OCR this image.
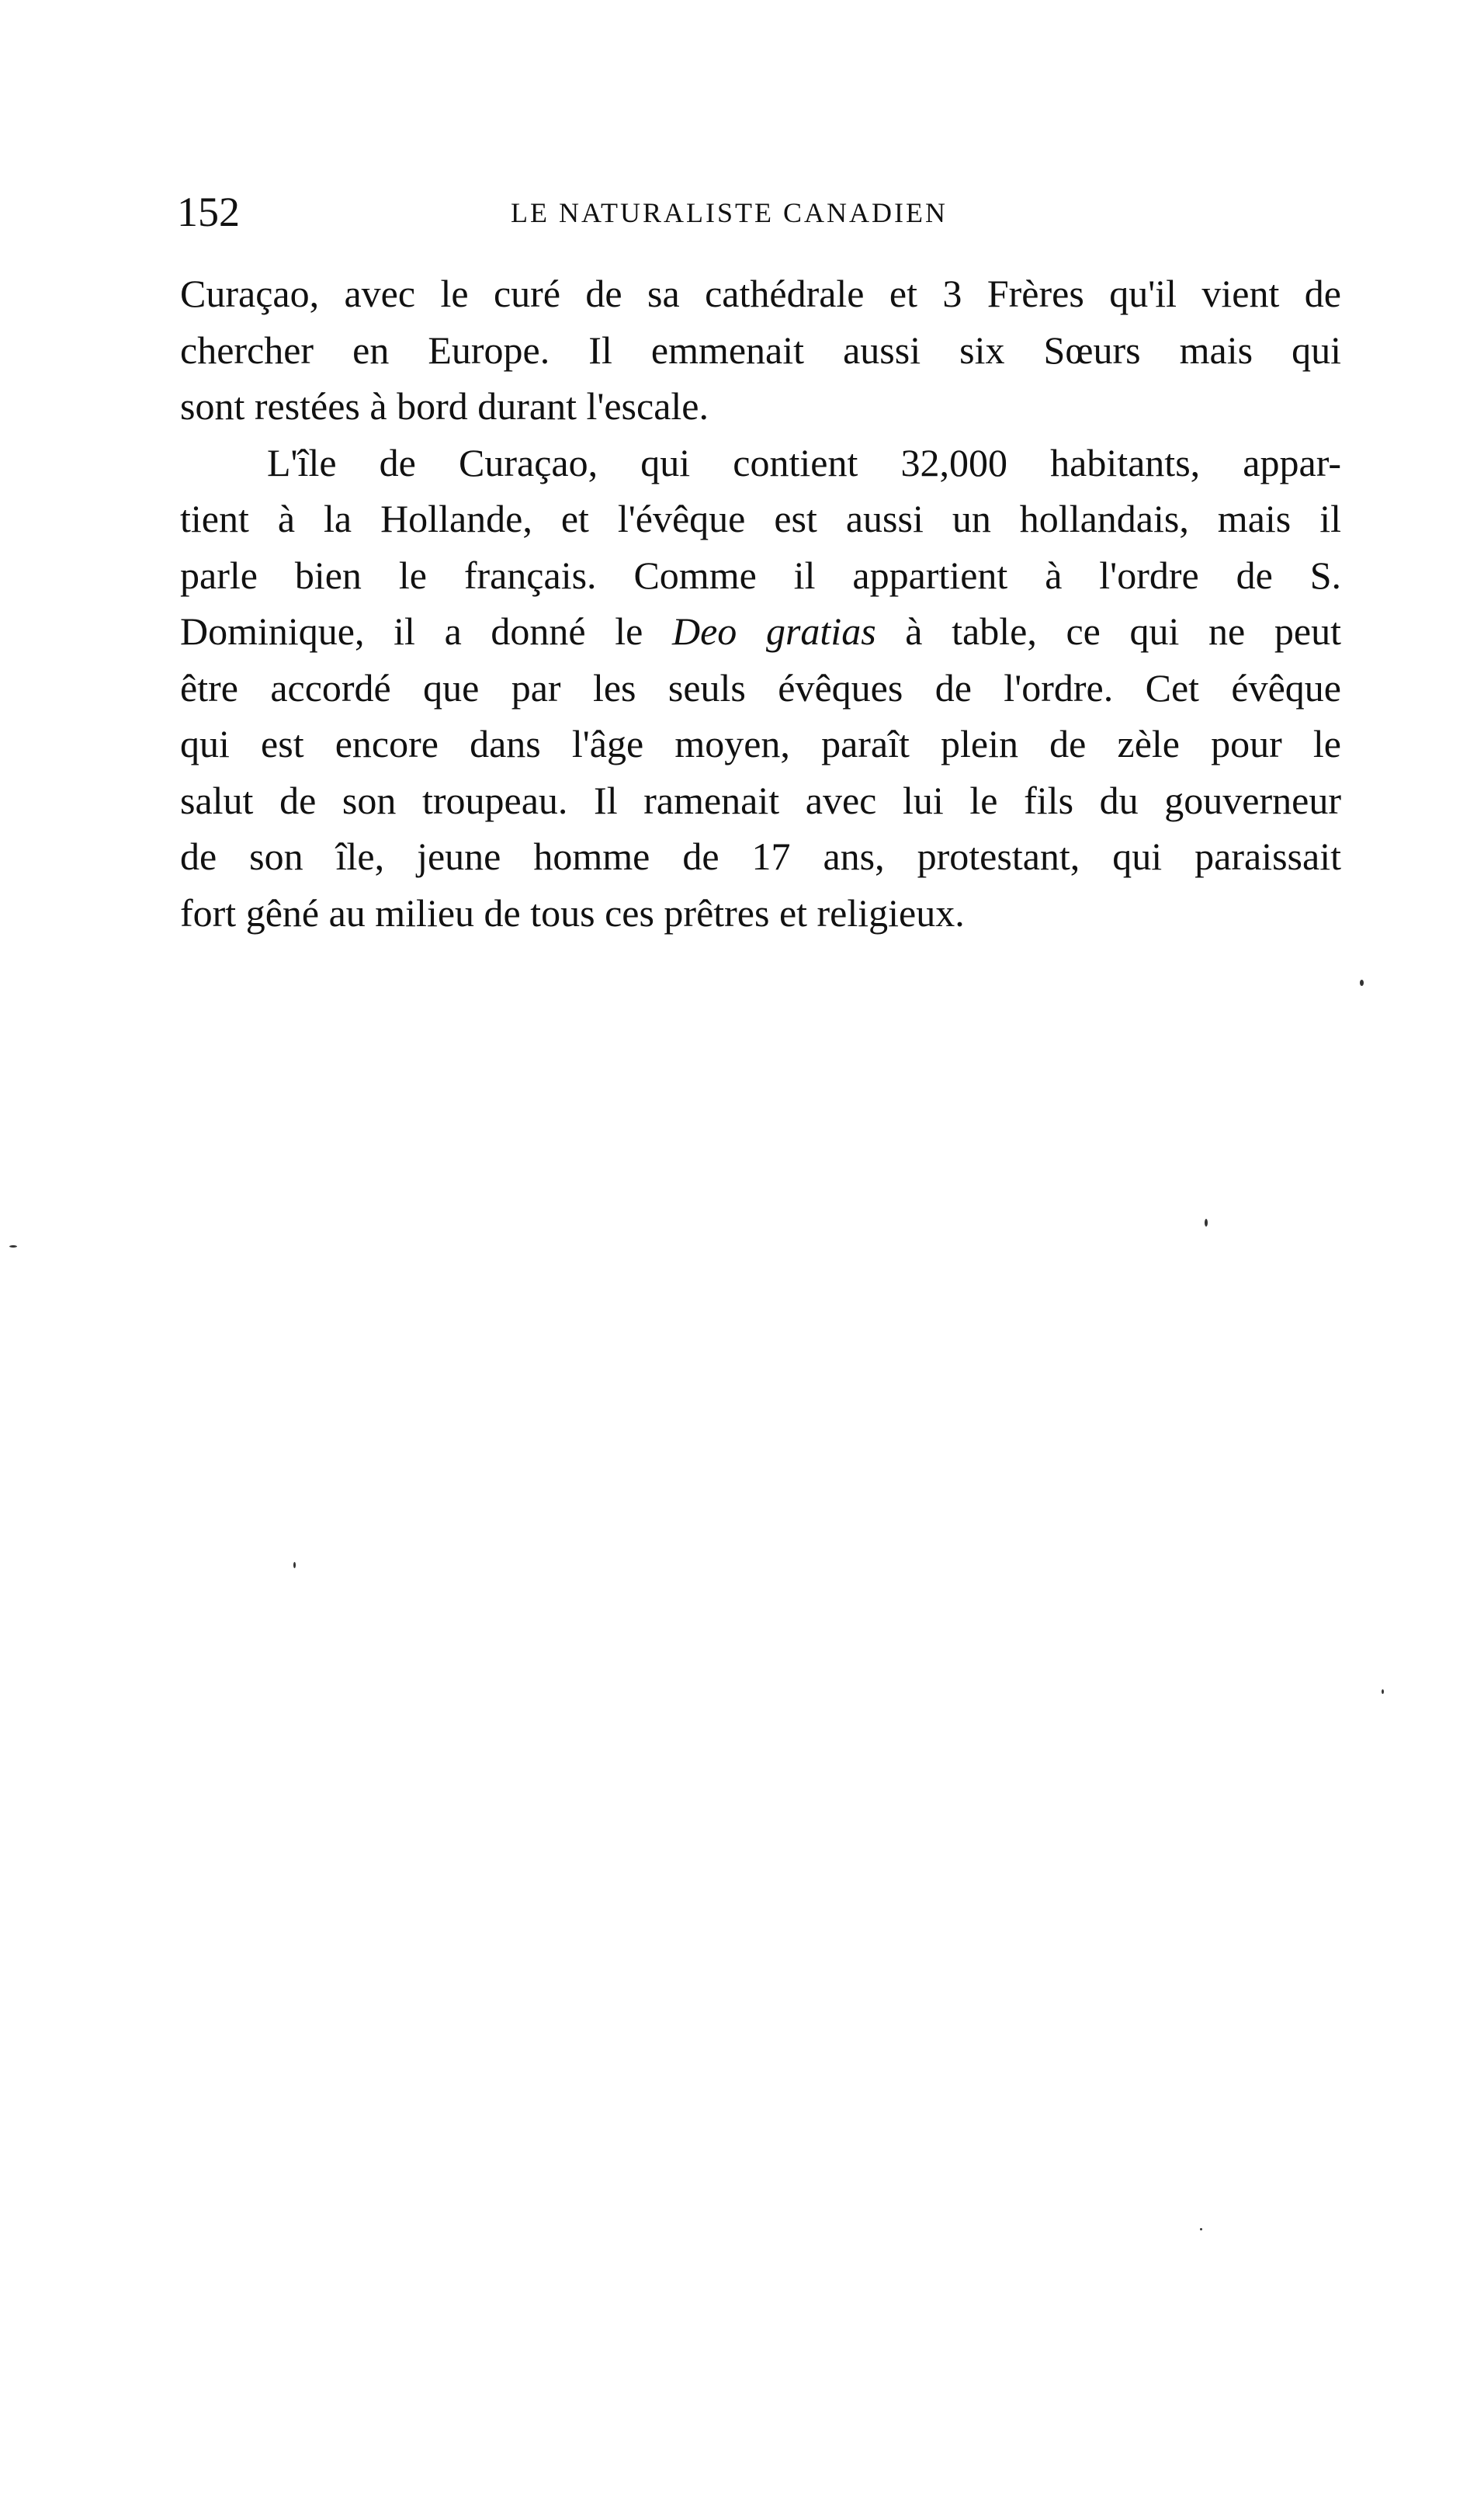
152	LE NATURALISTE CANADIEN

Curaçao, avec le curé de sa cathédrale et 3 Frères qu'il vient de
chercher en Europe. Il emmenait aussi six Sœurs mais qui
sont restées à bord durant l'escale.

L'île de Curaçao, qui contient 32,000 habitants, appar-
tient à la Hollande, et l'évêque est aussi un hollandais, mais il
parle bien le français. Comme il appartient à l'ordre de S.
Dominique, il a donné le Deo gratias à table, ce qui ne peut
être accordé que par les seuls évêques de l'ordre. Cet évêque
qui est encore dans l'âge moyen, paraît plein de zèle pour le
salut de son troupeau. Il ramenait avec lui le fils du gouverneur
de son île, jeune homme de 17 ans, protestant, qui paraissait
fort gêné au milieu de tous ces prêtres et religieux.
